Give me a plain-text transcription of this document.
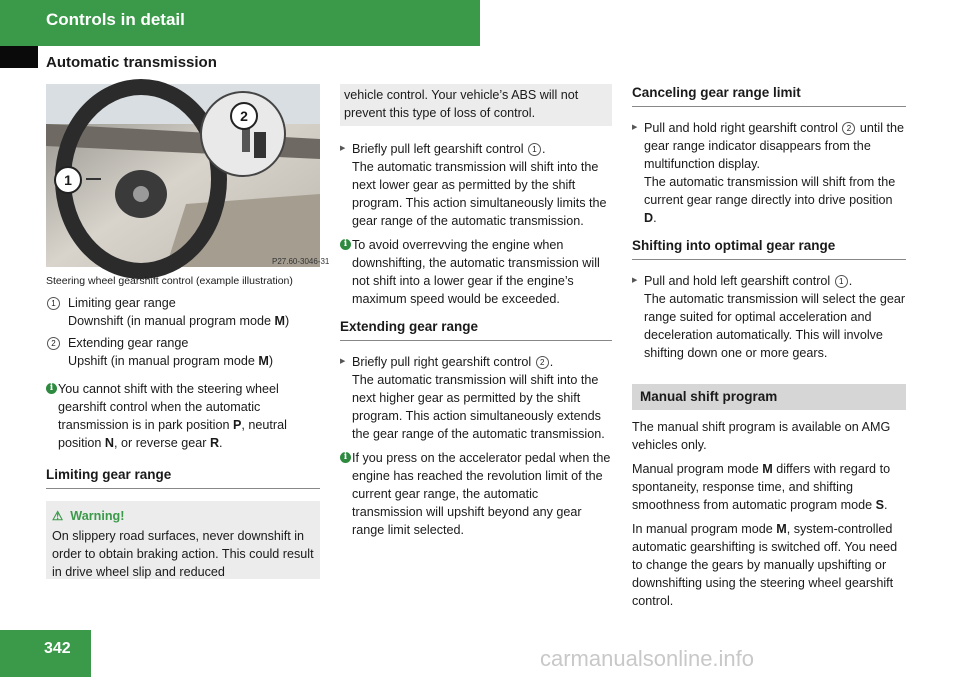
Controls in detail
Automatic transmission
P27.60-3046-31
1
2

Steering wheel gearshift control (example illustration)

1 Limiting gear range
Downshift (in manual program mode M)
2 Extending gear range
Upshift (in manual program mode M)
i You cannot shift with the steering wheel gearshift control when the automatic transmission is in park position P, neutral position N, or reverse gear R.
Limiting gear range
⚠ Warning!
On slippery road surfaces, never downshift in order to obtain braking action. This could result in drive wheel slip and reduced
vehicle control. Your vehicle’s ABS will not prevent this type of loss of control.
▶ Briefly pull left gearshift control 1 .
The automatic transmission will shift into the next lower gear as permitted by the shift program. This action simultaneously limits the gear range of the automatic transmission.
i To avoid overrevving the engine when downshifting, the automatic transmission will not shift into a lower gear if the engine’s maximum speed would be exceeded.
Extending gear range
▶ Briefly pull right gearshift control 2 .
The automatic transmission will shift into the next higher gear as permitted by the shift program. This action simultaneously extends the gear range of the automatic transmission.
i If you press on the accelerator pedal when the engine has reached the revolution limit of the current gear range, the automatic transmission will upshift beyond any gear range limit selected.
Canceling gear range limit
▶ Pull and hold right gearshift control 2 until the gear range indicator disappears from the multifunction display.
The automatic transmission will shift from the current gear range directly into drive position D.
Shifting into optimal gear range
▶ Pull and hold left gearshift control 1 .
The automatic transmission will select the gear range suited for optimal acceleration and deceleration automatically. This will involve shifting down one or more gears.
Manual shift program

The manual shift program is available on AMG vehicles only.

Manual program mode M differs with regard to spontaneity, response time, and shifting smoothness from automatic program mode S.

In manual program mode M, system-controlled automatic gearshifting is switched off. You need to change the gears by manually upshifting or downshifting using the steering wheel gearshift control.

342	carmanualsonline.info
